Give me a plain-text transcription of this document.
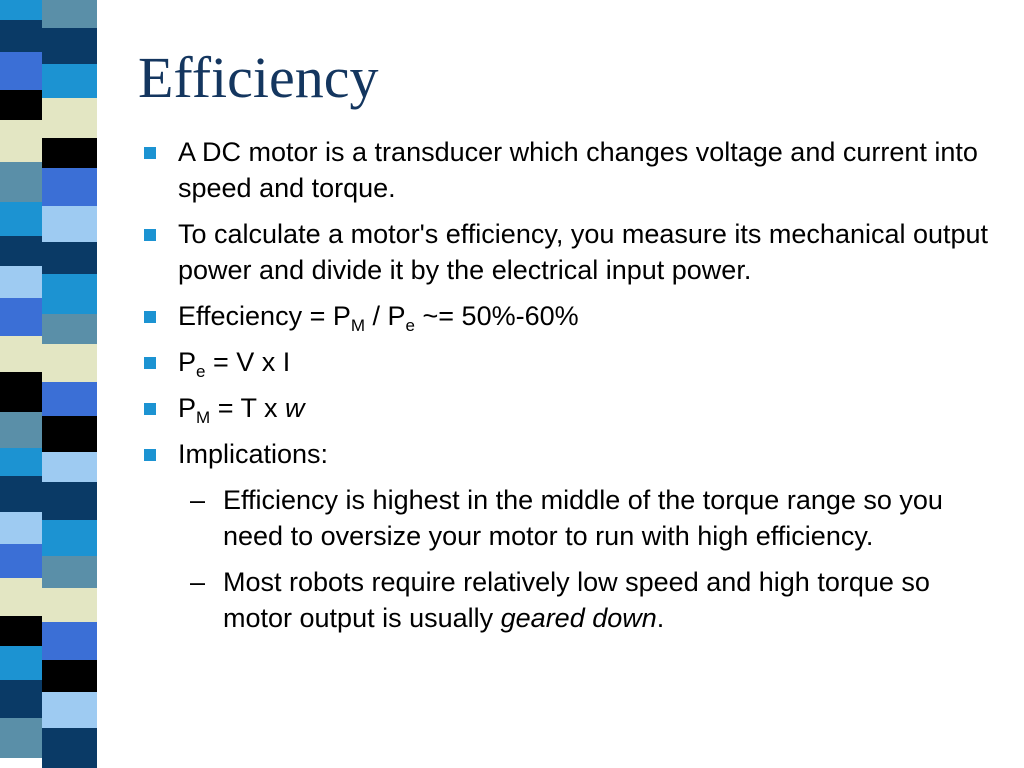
Efficiency
A DC motor is a transducer which changes voltage and current into speed and torque.
To calculate a motor's efficiency, you measure its mechanical output power and divide it by the electrical input power.
Effeciency = $P_M / P_e$ ~= 50%-60%
$P_e = V$ x I
$P_M = T$ x w
Implications:
– Efficiency is highest in the middle of the torque range so you need to oversize your motor to run with high efficiency.
– Most robots require relatively low speed and high torque so motor output is usually geared down.
